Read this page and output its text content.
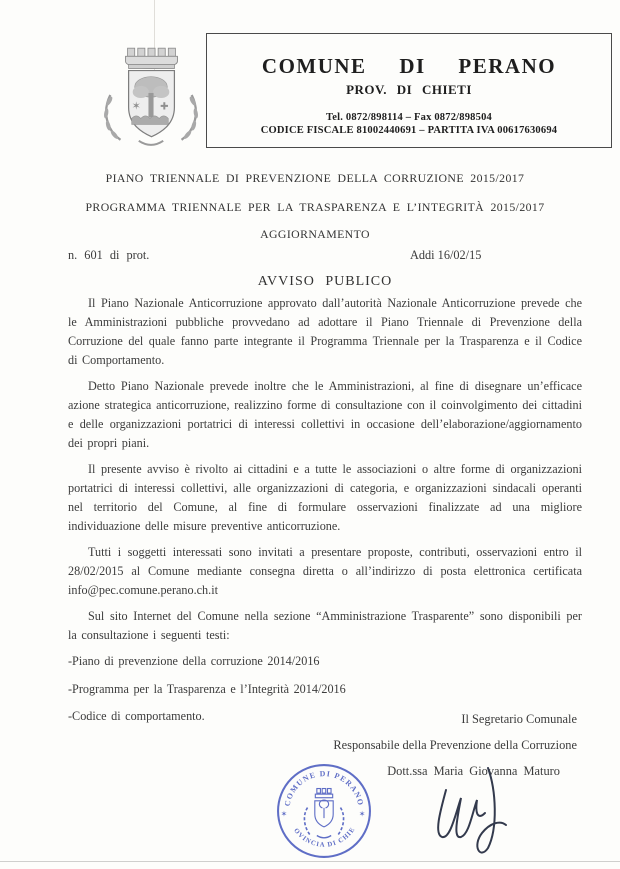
✶ ✚
COMUNE DI PERANO
PROV. DI CHIETI
Tel. 0872/898114 – Fax 0872/898504
CODICE FISCALE 81002440691 – PARTITA IVA 00617630694
PIANO TRIENNALE DI PREVENZIONE DELLA CORRUZIONE 2015/2017
PROGRAMMA TRIENNALE PER LA TRASPARENZA E L’INTEGRITÀ 2015/2017
AGGIORNAMENTO
n. 601 di prot.	Addi 16/02/15
AVVISO PUBLICO

Il Piano Nazionale Anticorruzione approvato dall’autorità Nazionale Anticorruzione prevede che le Amministrazioni pubbliche provvedano ad adottare il Piano Triennale di Prevenzione della Corruzione del quale fanno parte integrante il Programma Triennale per la Trasparenza e il Codice di Comportamento.

Detto Piano Nazionale prevede inoltre che le Amministrazioni, al fine di disegnare un’efficace azione strategica anticorruzione, realizzino forme di consultazione con il coinvolgimento dei cittadini e delle organizzazioni portatrici di interessi collettivi in occasione dell’elaborazione/aggiornamento dei propri piani.

Il presente avviso è rivolto ai cittadini e a tutte le associazioni o altre forme di organizzazioni portatrici di interessi collettivi, alle organizzazioni di categoria, e organizzazioni sindacali operanti nel territorio del Comune, al fine di formulare osservazioni finalizzate ad una migliore individuazione delle misure preventive anticorruzione.

Tutti i soggetti interessati sono invitati a presentare proposte, contributi, osservazioni entro il 28/02/2015 al Comune mediante consegna diretta o all’indirizzo di posta elettronica certificata info@pec.comune.perano.ch.it

Sul sito Internet del Comune nella sezione “Amministrazione Trasparente” sono disponibili per la consultazione i seguenti testi:

-Piano di prevenzione della corruzione 2014/2016

-Programma per la Trasparenza e l’Integrità 2014/2016

-Codice di comportamento.	Il Segretario Comunale
Responsabile della Prevenzione della Corruzione
Dott.ssa Maria Giovanna Maturo
COMUNE DI PERANO
OVINCIA DI CHIE
✶	✶
